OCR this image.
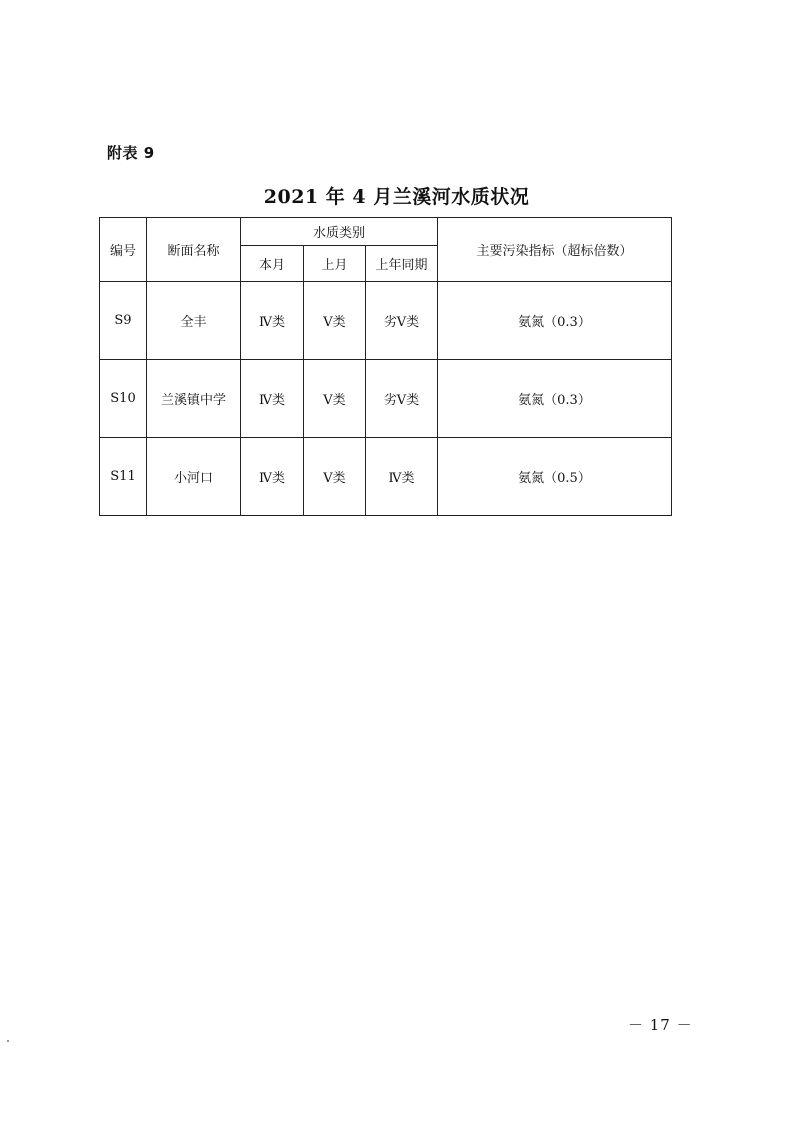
附表 9
2021 年 4 月兰溪河水质状况
编号	断面名称	水质类别			主要污染指标（超标倍数）
		本月	上月	上年同期	
S9	全丰	Ⅳ类	Ⅴ类	劣Ⅴ类	氨氮（0.3）
S10	兰溪镇中学	Ⅳ类	Ⅴ类	劣Ⅴ类	氨氮（0.3）
S11	小河口	Ⅳ类	Ⅴ类	Ⅳ类	氨氮（0.5）
－ 17 －
